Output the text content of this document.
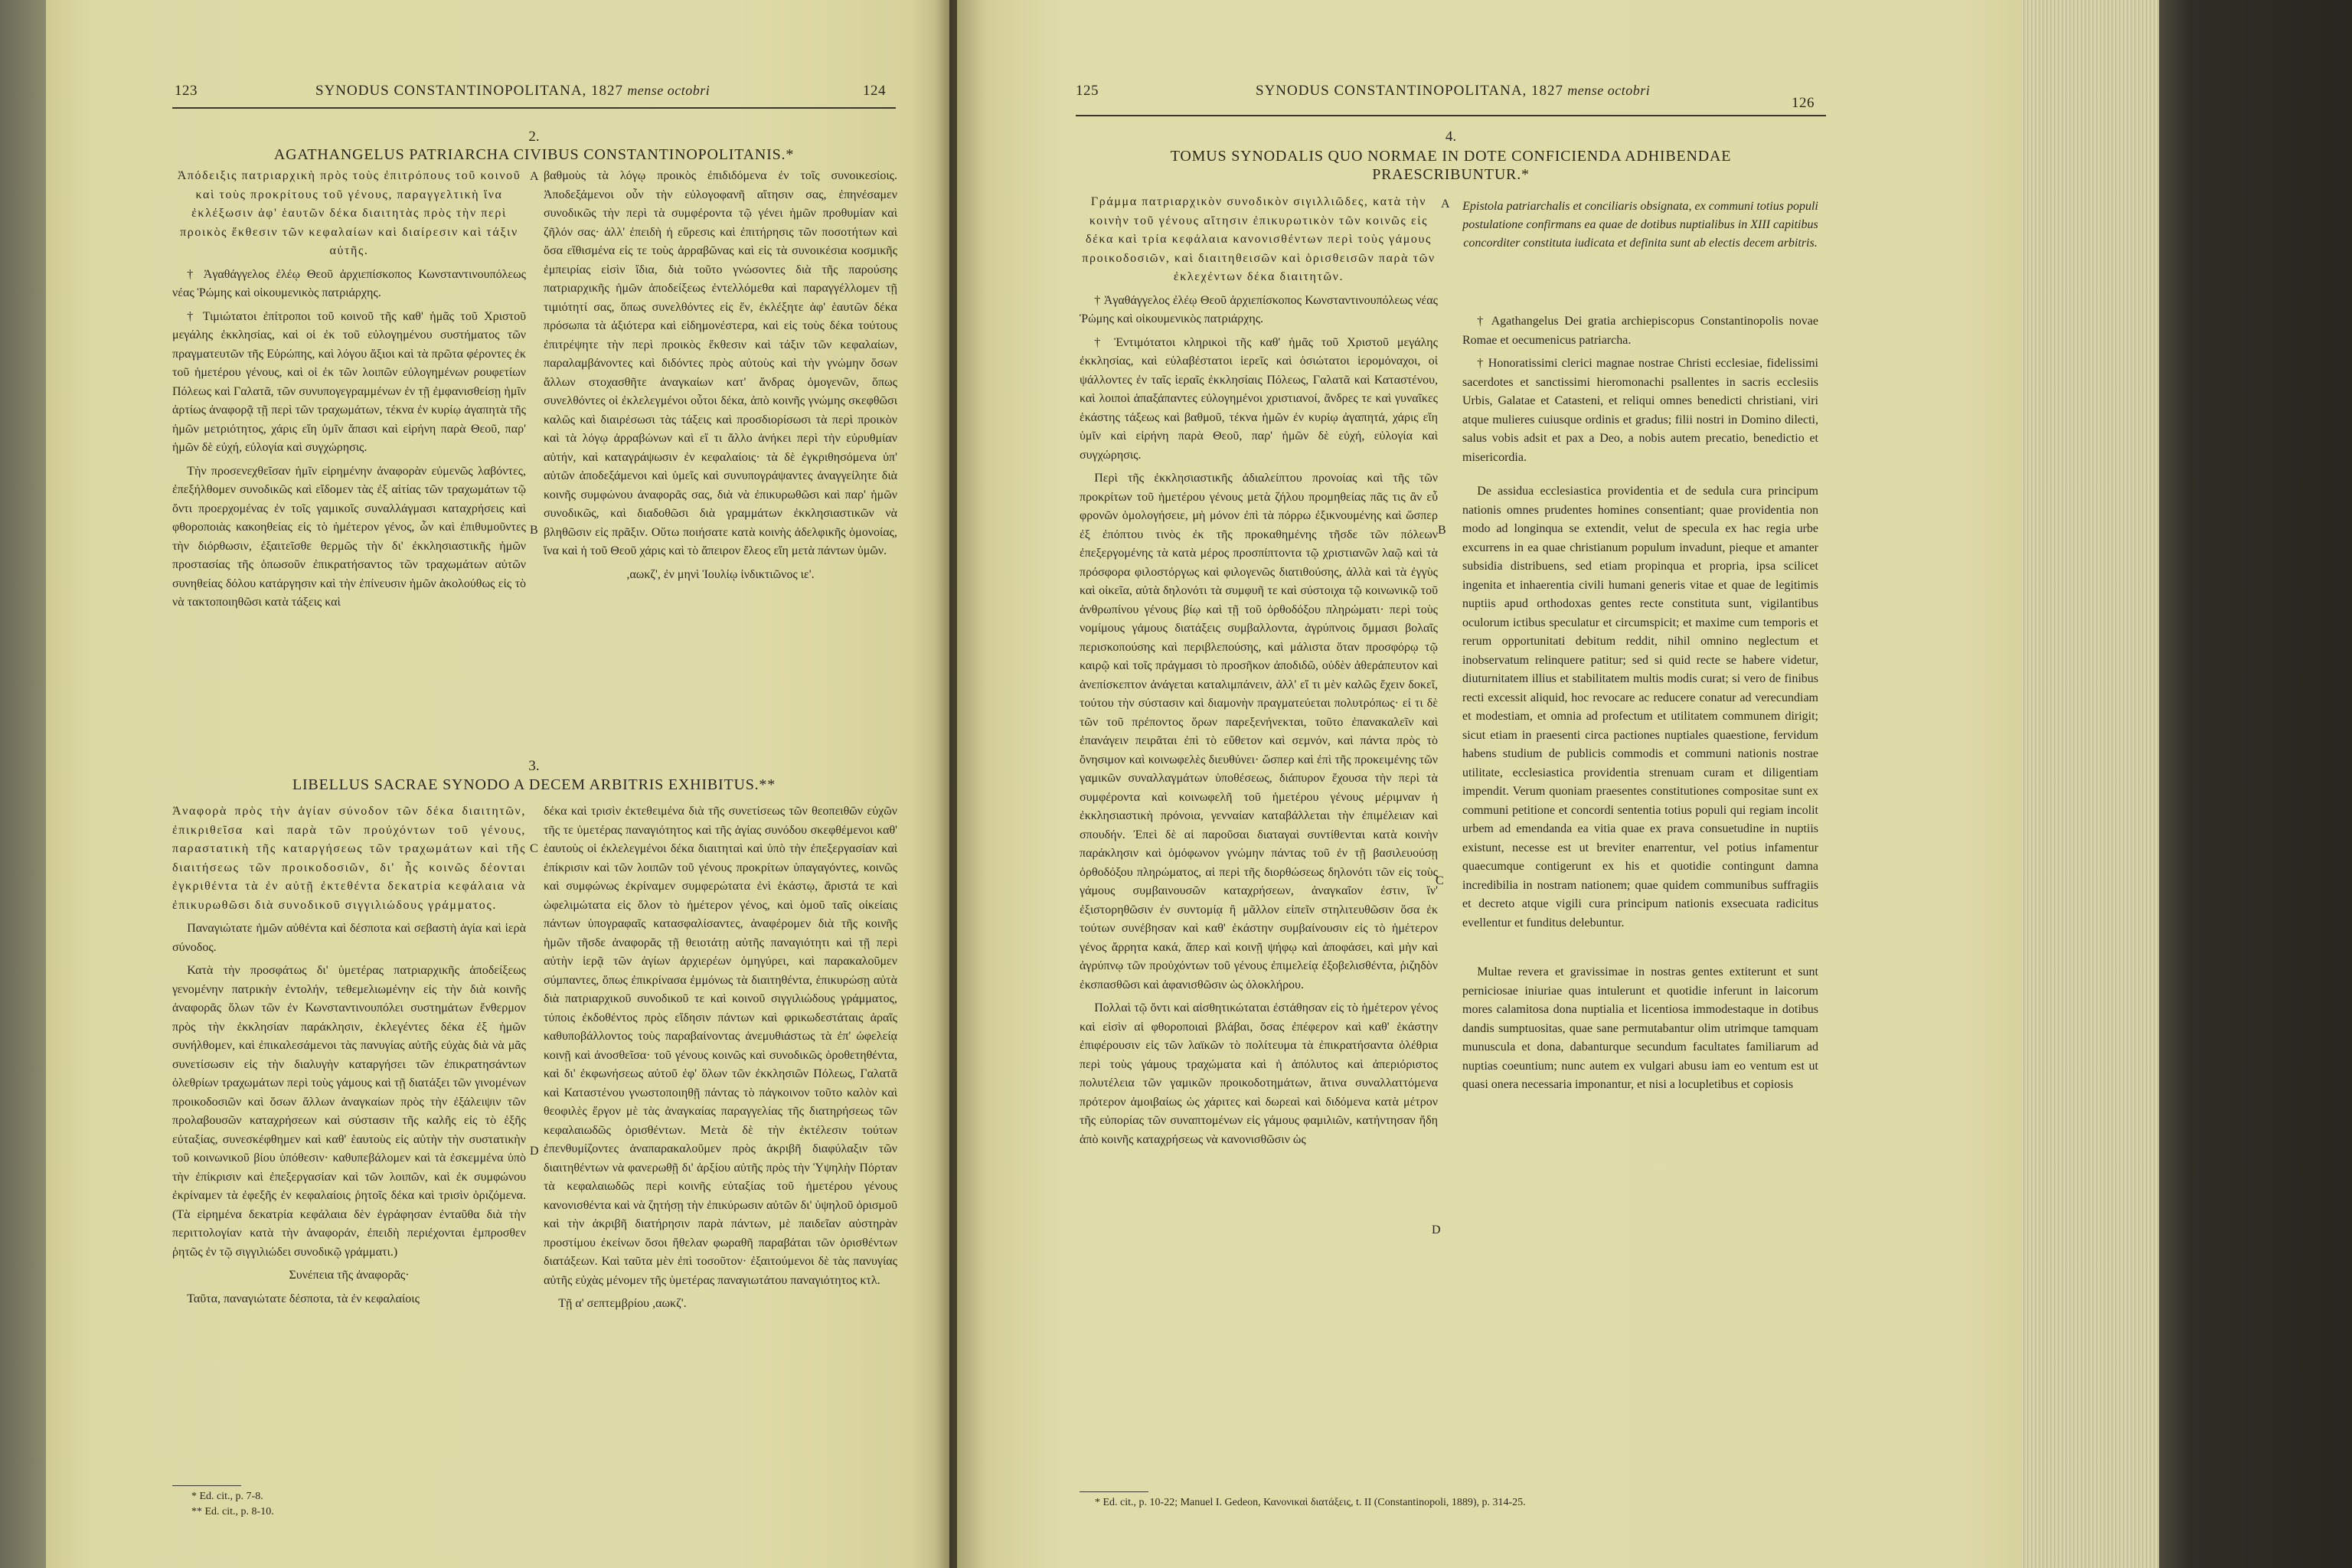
123	SYNODUS CONSTANTINOPOLITANA, 1827 mense octobri	124
2.
AGATHANGELUS PATRIARCHA CIVIBUS CONSTANTINOPOLITANIS.*

Ἀπόδειξις πατριαρχικὴ πρὸς τοὺς ἐπιτρόπους τοῦ κοινοῦ καὶ τοὺς προκρίτους τοῦ γένους, παραγγελτικὴ ἵνα ἐκλέξωσιν ἀφ' ἑαυτῶν δέκα διαιτητὰς πρὸς τὴν περὶ προικὸς ἔκθεσιν τῶν κεφαλαίων καὶ διαίρεσιν καὶ τάξιν αὐτῆς.

† Ἀγαθάγγελος ἐλέῳ Θεοῦ ἀρχιεπίσκοπος Κωνσταντινουπόλεως νέας Ῥώμης καὶ οἰκουμενικὸς πατριάρχης.

† Τιμιώτατοι ἐπίτροποι τοῦ κοινοῦ τῆς καθ' ἡμᾶς τοῦ Χριστοῦ μεγάλης ἐκκλησίας, καὶ οἱ ἐκ τοῦ εὐλογημένου συστήματος τῶν πραγματευτῶν τῆς Εὐρώπης, καὶ λόγου ἄξιοι καὶ τὰ πρῶτα φέροντες ἐκ τοῦ ἡμετέρου γένους, καὶ οἱ ἐκ τῶν λοιπῶν εὐλογημένων ρουφετίων Πόλεως καὶ Γαλατᾶ, τῶν συνυπογεγραμμένων ἐν τῇ ἐμφανισθείσῃ ἡμῖν ἀρτίως ἀναφορᾷ τῇ περὶ τῶν τραχωμάτων, τέκνα ἐν κυρίῳ ἀγαπητὰ τῆς ἡμῶν μετριότητος, χάρις εἴη ὑμῖν ἅπασι καὶ εἰρήνη παρὰ Θεοῦ, παρ' ἡμῶν δὲ εὐχή, εὐλογία καὶ συγχώρησις.

Τὴν προσενεχθεῖσαν ἡμῖν εἰρημένην ἀναφορὰν εὐμενῶς λαβόντες, ἐπεξήλθομεν συνοδικῶς καὶ εἴδομεν τὰς ἐξ αἰτίας τῶν τραχωμάτων τῷ ὄντι προερχομένας ἐν τοῖς γαμικοῖς συναλλάγμασι καταχρήσεις καὶ φθοροποιὰς κακοηθείας εἰς τὸ ἡμέτερον γένος, ὧν καὶ ἐπιθυμοῦντες τὴν διόρθωσιν, ἐξαιτεῖσθε θερμῶς τὴν δι' ἐκκλησιαστικῆς ἡμῶν προστασίας τῆς ὁπωσοῦν ἐπικρατήσαντος τῶν τραχωμάτων αὐτῶν συνηθείας δόλου κατάργησιν καὶ τὴν ἐπίνευσιν ἡμῶν ἀκολούθως εἰς τὸ νὰ τακτοποιηθῶσι κατὰ τάξεις καὶ

βαθμοὺς τὰ λόγῳ προικὸς ἐπιδιδόμενα ἐν τοῖς συνοικεσίοις. Ἀποδεξάμενοι οὖν τὴν εὐλογοφανῆ αἴτησιν σας, ἐπηνέσαμεν συνοδικῶς τὴν περὶ τὰ συμφέροντα τῷ γένει ἡμῶν προθυμίαν καὶ ζῆλόν σας· ἀλλ' ἐπειδὴ ἡ εὕρεσις καὶ ἐπιτήρησις τῶν ποσοτήτων καὶ ὅσα εἴθισμένα εἰς τε τοὺς ἀρραβῶνας καὶ εἰς τὰ συνοικέσια κοσμικῆς ἐμπειρίας εἰσὶν ἴδια, διὰ τοῦτο γνώσοντες διὰ τῆς παρούσης πατριαρχικῆς ἡμῶν ἀποδείξεως ἐντελλόμεθα καὶ παραγγέλλομεν τῇ τιμιότητί σας, ὅπως συνελθόντες εἰς ἕν, ἐκλέξητε ἀφ' ἑαυτῶν δέκα πρόσωπα τὰ ἀξιότερα καὶ εἰδημονέστερα, καὶ εἰς τοὺς δέκα τούτους ἐπιτρέψητε τὴν περὶ προικὸς ἔκθεσιν καὶ τάξιν τῶν κεφαλαίων, παραλαμβάνοντες καὶ διδόντες πρὸς αὐτοὺς καὶ τὴν γνώμην ὅσων ἄλλων στοχασθῆτε ἀναγκαίων κατ' ἄνδρας ὁμογενῶν, ὅπως συνελθόντες οἱ ἐκλελεγμένοι οὗτοι δέκα, ἀπὸ κοινῆς γνώμης σκεφθῶσι καλῶς καὶ διαιρέσωσι τὰς τάξεις καὶ προσδιορίσωσι τὰ περὶ προικὸν καὶ τὰ λόγῳ ἀρραβώνων καὶ εἴ τι ἄλλο ἀνήκει περὶ τὴν εὐρυθμίαν αὐτήν, καὶ καταγράψωσιν ἐν κεφαλαίοις· τὰ δὲ ἐγκριθησόμενα ὑπ' αὐτῶν ἀποδεξάμενοι καὶ ὑμεῖς καὶ συνυπογράψαντες ἀναγγείλητε διὰ κοινῆς συμφώνου ἀναφορᾶς σας, διὰ νὰ ἐπικυρωθῶσι καὶ παρ' ἡμῶν συνοδικῶς, καὶ διαδοθῶσι διὰ γραμμάτων ἐκκλησιαστικῶν νὰ βληθῶσιν εἰς πρᾶξιν. Οὕτω ποιήσατε κατὰ κοινὴς ἀδελφικῆς ὁμονοίας, ἵνα καὶ ἡ τοῦ Θεοῦ χάρις καὶ τὸ ἄπειρον ἔλεος εἴη μετὰ πάντων ὑμῶν.

,αωκζ', ἐν μηνὶ Ἰουλίῳ ἰνδικτιῶνος ιε'.

3.
LIBELLUS SACRAE SYNODO A DECEM ARBITRIS EXHIBITUS.**

Ἀναφορὰ πρὸς τὴν ἁγίαν σύνοδον τῶν δέκα διαιτητῶν, ἐπικριθεῖσα καὶ παρὰ τῶν προὐχόντων τοῦ γένους, παραστατικὴ τῆς καταργήσεως τῶν τραχωμάτων καὶ τῆς διαιτήσεως τῶν προικοδοσιῶν, δι' ἧς κοινῶς δέονται ἐγκριθέντα τὰ ἐν αὐτῇ ἐκτεθέντα δεκατρία κεφάλαια νὰ ἐπικυρωθῶσι διὰ συνοδικοῦ σιγγιλιώδους γράμματος.

Παναγιώτατε ἡμῶν αὐθέντα καὶ δέσποτα καὶ σεβαστὴ ἁγία καὶ ἱερὰ σύνοδος.

Κατὰ τὴν προσφάτως δι' ὑμετέρας πατριαρχικῆς ἀποδείξεως γενομένην πατρικὴν ἐντολήν, τεθεμελιωμένην εἰς τὴν διὰ κοινῆς ἀναφορᾶς ὅλων τῶν ἐν Κωνσταντινουπόλει συστημάτων ἔνθερμον πρὸς τὴν ἐκκλησίαν παράκλησιν, ἐκλεγέντες δέκα ἐξ ἡμῶν συνήλθομεν, καὶ ἐπικαλεσάμενοι τὰς πανυγίας αὐτῆς εὐχὰς διὰ νὰ μᾶς συνετίσωσιν εἰς τὴν διαλυγὴν καταργήσει τῶν ἐπικρατησάντων ὀλεθρίων τραχωμάτων περὶ τοὺς γάμους καὶ τῇ διατάξει τῶν γινομένων προικοδοσιῶν καὶ ὅσων ἄλλων ἀναγκαίων πρὸς τὴν ἐξάλειψιν τῶν προλαβουσῶν καταχρήσεων καὶ σύστασιν τῆς καλῆς εἰς τὸ ἑξῆς εὐταξίας, συνεσκέφθημεν καὶ καθ' ἑαυτοὺς εἰς αὐτὴν τὴν συστατικὴν τοῦ κοινωνικοῦ βίου ὑπόθεσιν· καθυπεβάλομεν καὶ τὰ ἐσκεμμένα ὑπὸ τὴν ἐπίκρισιν καὶ ἐπεξεργασίαν καὶ τῶν λοιπῶν, καὶ ἐκ συμφώνου ἐκρίναμεν τὰ ἐφεξῆς ἐν κεφαλαίοις ῥητοῖς δέκα καὶ τρισὶν ὁριζόμενα. (Τὰ εἰρημένα δεκατρία κεφάλαια δὲν ἐγράφησαν ἐνταῦθα διὰ τὴν περιττολογίαν κατὰ τὴν ἀναφοράν, ἐπειδὴ περιέχονται ἐμπροσθεν ῥητῶς ἐν τῷ σιγγιλιώδει συνοδικῷ γράμματι.)

Συνέπεια τῆς ἀναφορᾶς·

Ταῦτα, παναγιώτατε δέσποτα, τὰ ἐν κεφαλαίοις

δέκα καὶ τρισὶν ἐκτεθειμένα διὰ τῆς συνετίσεως τῶν θεοπειθῶν εὐχῶν τῆς τε ὑμετέρας παναγιότητος καὶ τῆς ἁγίας συνόδου σκεφθέμενοι καθ' ἑαυτοὺς οἱ ἐκλελεγμένοι δέκα διαιτηταὶ καὶ ὑπὸ τὴν ἐπεξεργασίαν καὶ ἐπίκρισιν καὶ τῶν λοιπῶν τοῦ γένους προκρίτων ὑπαγαγόντες, κοινῶς καὶ συμφώνως ἐκρίναμεν συμφερώτατα ἐνὶ ἑκάστῳ, ἄριστά τε καὶ ὠφελιμώτατα εἰς ὅλον τὸ ἡμέτερον γένος, καὶ ὁμοῦ ταῖς οἰκείαις πάντων ὑπογραφαῖς κατασφαλίσαντες, ἀναφέρομεν διὰ τῆς κοινῆς ἡμῶν τῆσδε ἀναφορᾶς τῇ θειοτάτῃ αὐτῆς παναγιότητι καὶ τῇ περὶ αὐτὴν ἱερᾷ τῶν ἁγίων ἀρχιερέων ὁμηγύρει, καὶ παρακαλοῦμεν σύμπαντες, ὅπως ἐπικρίνασα ἐμμόνως τὰ διαιτηθέντα, ἐπικυρώσῃ αὐτὰ διὰ πατριαρχικοῦ συνοδικοῦ τε καὶ κοινοῦ σιγγιλιώδους γράμματος, τύποις ἐκδοθέντος πρὸς εἴδησιν πάντων καὶ φρικωδεστάταις ἀραῖς καθυποβάλλοντος τοὺς παραβαίνοντας ἀνεμυθιάστως τὰ ἐπ' ὠφελείᾳ κοινῇ καὶ ἀνοσθεῖσα· τοῦ γένους κοινῶς καὶ συνοδικῶς ὁροθετηθέντα, καὶ δι' ἐκφωνήσεως αὐτοῦ ἐφ' ὅλων τῶν ἐκκλησιῶν Πόλεως, Γαλατᾶ καὶ Καταστένου γνωστοποιηθῇ πάντας τὸ πάγκοινον τοῦτο καλὸν καὶ θεοφιλὲς ἔργον μὲ τὰς ἀναγκαίας παραγγελίας τῆς διατηρήσεως τῶν κεφαλαιωδῶς ὁρισθέντων. Μετὰ δὲ τὴν ἐκτέλεσιν τούτων ἐπενθυμίζοντες ἀναπαρακαλοῦμεν πρὸς ἀκριβῆ διαφύλαξιν τῶν διαιτηθέντων νὰ φανερωθῇ δι' ἀρξίου αὐτῆς πρὸς τὴν Ὑψηλὴν Πόρταν τὰ κεφαλαιωδῶς περὶ κοινῆς εὐταξίας τοῦ ἡμετέρου γένους κανονισθέντα καὶ νὰ ζητήσῃ τὴν ἐπικύρωσιν αὐτῶν δι' ὑψηλοῦ ὁρισμοῦ καὶ τὴν ἀκριβῆ διατήρησιν παρὰ πάντων, μὲ παιδεῖαν αὐστηρὰν προστίμου ἐκείνων ὅσοι ἤθελαν φωραθῆ παραβάται τῶν ὁρισθέντων διατάξεων. Καὶ ταῦτα μὲν ἐπὶ τοσοῦτον· ἐξαιτούμενοι δὲ τὰς πανυγίας αὐτῆς εὐχὰς μένομεν τῆς ὑμετέρας παναγιωτάτου παναγιότητος κτλ.

Τῇ α' σεπτεμβρίου ,αωκζ'.

A
B
C
D
* Ed. cit., p. 7-8.
** Ed. cit., p. 8-10.
125	SYNODUS CONSTANTINOPOLITANA, 1827 mense octobri
126
4.
TOMUS SYNODALIS QUO NORMAE IN DOTE CONFICIENDA ADHIBENDAE
PRAESCRIBUNTUR.*

Γράμμα πατριαρχικὸν συνοδικὸν σιγιλλιῶδες, κατὰ τὴν κοινὴν τοῦ γένους αἴτησιν ἐπικυρωτικὸν τῶν κοινῶς εἰς δέκα καὶ τρία κεφάλαια κανονισθέντων περὶ τοὺς γάμους προικοδοσιῶν, καὶ διαιτηθεισῶν καὶ ὁρισθεισῶν παρὰ τῶν ἐκλεχέντων δέκα διαιτητῶν.

† Ἀγαθάγγελος ἐλέῳ Θεοῦ ἀρχιεπίσκοπος Κωνσταντινουπόλεως νέας Ῥώμης καὶ οἰκουμενικὸς πατριάρχης.

† Ἐντιμότατοι κληρικοὶ τῆς καθ' ἡμᾶς τοῦ Χριστοῦ μεγάλης ἐκκλησίας, καὶ εὐλαβέστατοι ἱερεῖς καὶ ὁσιώτατοι ἱερομόναχοι, οἱ ψάλλοντες ἐν ταῖς ἱεραῖς ἐκκλησίαις Πόλεως, Γαλατᾶ καὶ Καταστένου, καὶ λοιποὶ ἁπαξάπαντες εὐλογημένοι χριστιανοί, ἄνδρες τε καὶ γυναῖκες ἑκάστης τάξεως καὶ βαθμοῦ, τέκνα ἡμῶν ἐν κυρίῳ ἀγαπητά, χάρις εἴη ὑμῖν καὶ εἰρήνη παρὰ Θεοῦ, παρ' ἡμῶν δὲ εὐχή, εὐλογία καὶ συγχώρησις.

Περὶ τῆς ἐκκλησιαστικῆς ἀδιαλείπτου προνοίας καὶ τῆς τῶν προκρίτων τοῦ ἡμετέρου γένους μετὰ ζήλου προμηθείας πᾶς τις ἂν εὖ φρονῶν ὁμολογήσειε, μὴ μόνον ἐπὶ τὰ πόρρω ἐξικνουμένης καὶ ὥσπερ ἐξ ἐπόπτου τινὸς ἐκ τῆς προκαθημένης τῆσδε τῶν πόλεων ἐπεξεργομένης τὰ κατὰ μέρος προσπίπτοντα τῷ χριστιανῶν λαῷ καὶ τὰ πρόσφορα φιλοστόργως καὶ φιλογενῶς διατιθούσης, ἀλλὰ καὶ τὰ ἐγγὺς καὶ οἰκεῖα, αὐτὰ δηλονότι τὰ συμφυῆ τε καὶ σύστοιχα τῷ κοινωνικῷ τοῦ ἀνθρωπίνου γένους βίῳ καὶ τῇ τοῦ ὀρθοδόξου πληρώματι· περὶ τοὺς νομίμους γάμους διατάξεις συμβαλλοντα, ἀγρύπνοις ὄμμασι βολαῖς περισκοπούσης καὶ περιβλεπούσης, καὶ μάλιστα ὅταν προσφόρῳ τῷ καιρῷ καὶ τοῖς πράγμασι τὸ προσῆκον ἀποδιδῶ, οὐδὲν ἀθεράπευτον καὶ ἀνεπίσκεπτον ἀνάγεται καταλιμπάνειν, ἀλλ' εἴ τι μὲν καλῶς ἔχειν δοκεῖ, τούτου τὴν σύστασιν καὶ διαμονὴν πραγματεύεται πολυτρόπως· εἰ τι δὲ τῶν τοῦ πρέποντος ὅρων παρεξενήνεκται, τοῦτο ἐπανακαλεῖν καὶ ἐπανάγειν πειρᾶται ἐπὶ τὸ εὔθετον καὶ σεμνόν, καὶ πάντα πρὸς τὸ ὄνησιμον καὶ κοινωφελὲς διευθύνει· ὥσπερ καὶ ἐπὶ τῆς προκειμένης τῶν γαμικῶν συναλλαγμάτων ὑποθέσεως, διάπυρον ἔχουσα τὴν περὶ τὰ συμφέροντα καὶ κοινωφελῆ τοῦ ἡμετέρου γένους μέριμναν ἡ ἐκκλησιαστικὴ πρόνοια, γενναίαν καταβάλλεται τὴν ἐπιμέλειαν καὶ σπουδήν. Ἐπεὶ δὲ αἱ παροῦσαι διαταγαὶ συντίθενται κατὰ κοινὴν παράκλησιν καὶ ὁμόφωνον γνώμην πάντας τοῦ ἐν τῇ βασιλευούσῃ ὀρθοδόξου πληρώματος, αἱ περὶ τῆς διορθώσεως δηλονότι τῶν εἰς τοὺς γάμους συμβαινουσῶν καταχρήσεων, ἀναγκαῖον ἐστιν, ἵν' ἐξιστορηθῶσιν ἐν συντομίᾳ ἢ μᾶλλον εἰπεῖν στηλιτευθῶσιν ὅσα ἐκ τούτων συνέβησαν καὶ καθ' ἑκάστην συμβαίνουσιν εἰς τὸ ἡμέτερον γένος ἄρρητα κακά, ἅπερ καὶ κοινῇ ψήφῳ καὶ ἀποφάσει, καὶ μὴν καὶ ἀγρύπνῳ τῶν προὐχόντων τοῦ γένους ἐπιμελείᾳ ἐξοβελισθέντα, ῥιζηδὸν ἐκσπασθῶσι καὶ ἀφανισθῶσιν ὡς ὀλοκλήρου.

Πολλαὶ τῷ ὄντι καὶ αἰσθητικώταται ἐστάθησαν εἰς τὸ ἡμέτερον γένος καὶ εἰσὶν αἱ φθοροποιαὶ βλάβαι, ὅσας ἐπέφερον καὶ καθ' ἑκάστην ἐπιφέρουσιν εἰς τῶν λαϊκῶν τὸ πολίτευμα τὰ ἐπικρατήσαντα ὀλέθρια περὶ τοὺς γάμους τραχώματα καὶ ἡ ἀπόλυτος καὶ ἀπεριόριστος πολυτέλεια τῶν γαμικῶν προικοδοτημάτων, ἅτινα συναλλαττόμενα πρότερον ἀμοιβαίως ὡς χάριτες καὶ δωρεαὶ καὶ διδόμενα κατὰ μέτρον τῆς εὐπορίας τῶν συναπτομένων εἰς γάμους φαμιλιῶν, κατήντησαν ἤδη ἀπὸ κοινῆς καταχρήσεως νὰ κανονισθῶσιν ὡς

Epistola patriarchalis et conciliaris obsignata, ex communi totius populi postulatione confirmans ea quae de dotibus nuptialibus in XIII capitibus concorditer constituta iudicata et definita sunt ab electis decem arbitris.

† Agathangelus Dei gratia archiepiscopus Constantinopolis novae Romae et oecumenicus patriarcha.

† Honoratissimi clerici magnae nostrae Christi ecclesiae, fidelissimi sacerdotes et sanctissimi hieromonachi psallentes in sacris ecclesiis Urbis, Galatae et Catasteni, et reliqui omnes benedicti christiani, viri atque mulieres cuiusque ordinis et gradus; filii nostri in Domino dilecti, salus vobis adsit et pax a Deo, a nobis autem precatio, benedictio et misericordia.

De assidua ecclesiastica providentia et de sedula cura principum nationis omnes prudentes homines consentiant; quae providentia non modo ad longinqua se extendit, velut de specula ex hac regia urbe excurrens in ea quae christianum populum invadunt, pieque et amanter subsidia distribuens, sed etiam propinqua et propria, ipsa scilicet ingenita et inhaerentia civili humani generis vitae et quae de legitimis nuptiis apud orthodoxas gentes recte constituta sunt, vigilantibus oculorum ictibus speculatur et circumspicit; et maxime cum temporis et rerum opportunitati debitum reddit, nihil omnino neglectum et inobservatum relinquere patitur; sed si quid recte se habere videtur, diuturnitatem illius et stabilitatem multis modis curat; si vero de finibus recti excessit aliquid, hoc revocare ac reducere conatur ad verecundiam et modestiam, et omnia ad profectum et utilitatem communem dirigit; sicut etiam in praesenti circa pactiones nuptiales quaestione, fervidum habens studium de publicis commodis et communi nationis nostrae utilitate, ecclesiastica providentia strenuam curam et diligentiam impendit. Verum quoniam praesentes constitutiones compositae sunt ex communi petitione et concordi sententia totius populi qui regiam incolit urbem ad emendanda ea vitia quae ex prava consuetudine in nuptiis existunt, necesse est ut breviter enarrentur, vel potius infamentur quaecumque contigerunt ex his et quotidie contingunt damna incredibilia in nostram nationem; quae quidem communibus suffragiis et decreto atque vigili cura principum nationis exsecuata radicitus evellentur et funditus delebuntur.

Multae revera et gravissimae in nostras gentes extiterunt et sunt perniciosae iniuriae quas intulerunt et quotidie inferunt in laicorum mores calamitosa dona nuptialia et licentiosa immodestaque in dotibus dandis sumptuositas, quae sane permutabantur olim utrimque tamquam munuscula et dona, dabanturque secundum facultates familiarum ad nuptias coeuntium; nunc autem ex vulgari abusu iam eo ventum est ut quasi onera necessaria imponantur, et nisi a locupletibus et copiosis

A
B
C
D
* Ed. cit., p. 10-22; Manuel I. Gedeon, Κανονικαὶ διατάξεις, t. II (Constantinopoli, 1889), p. 314-25.
